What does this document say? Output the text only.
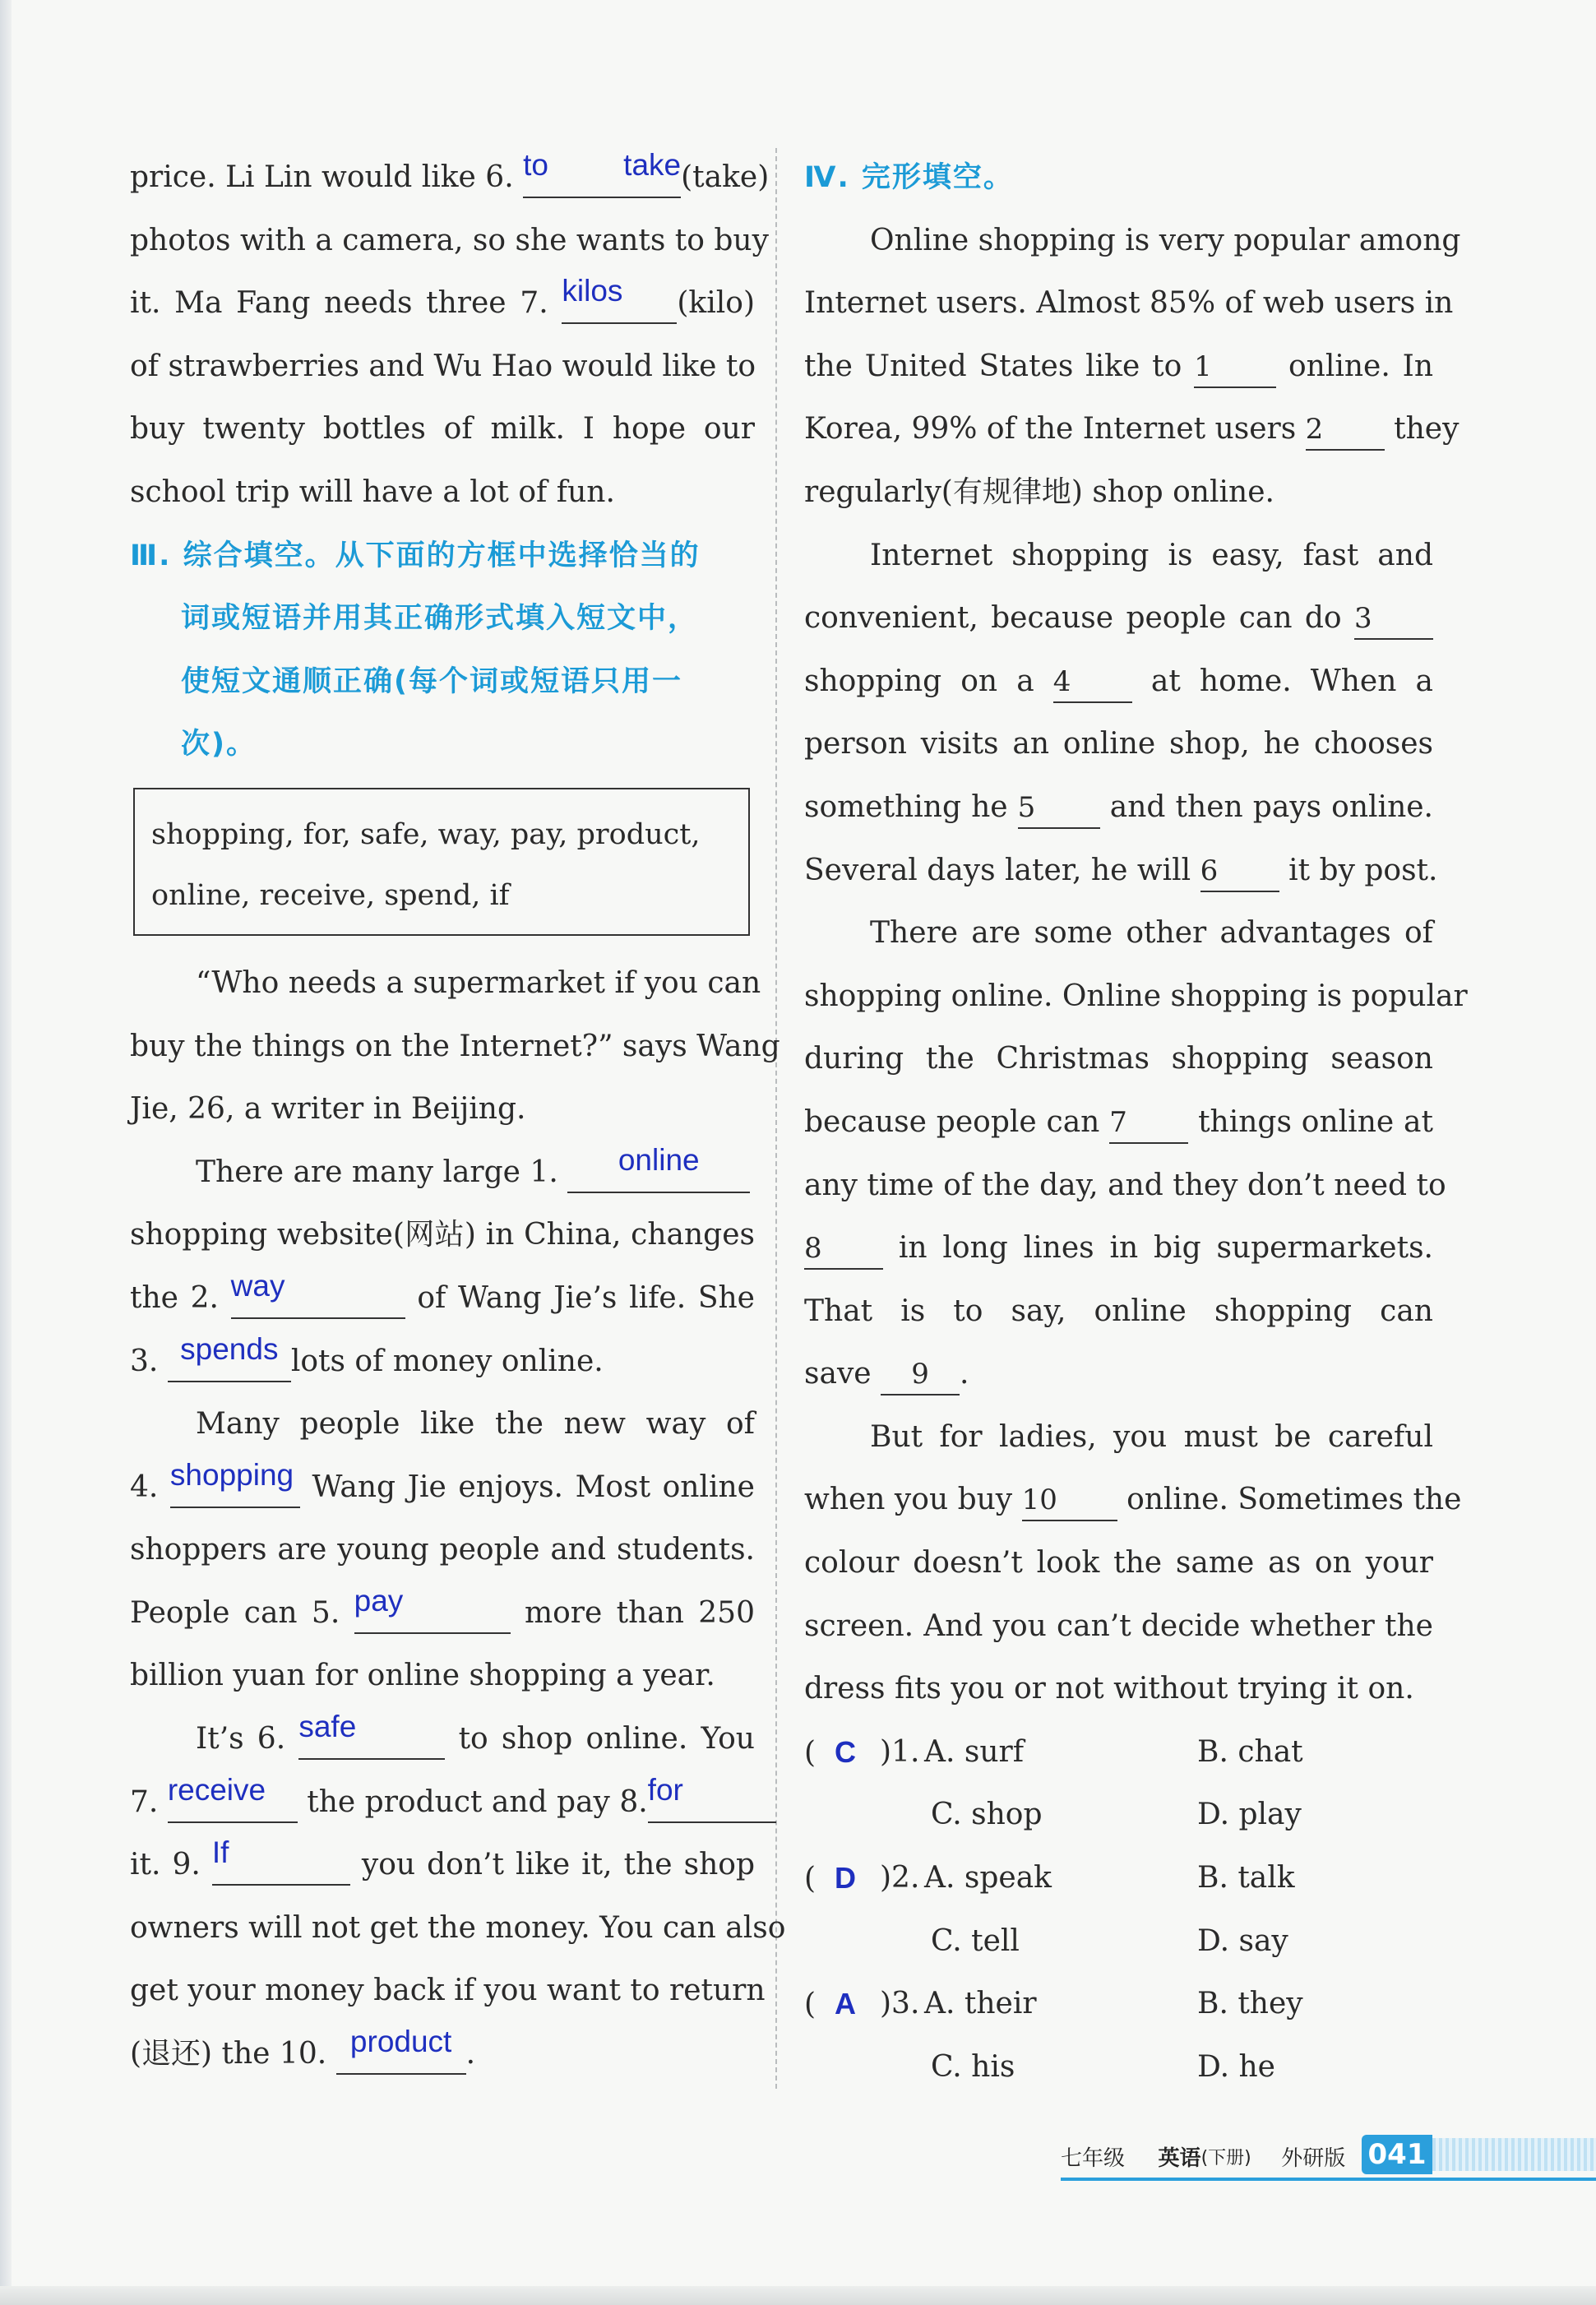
price. Li Lin would like 6. to take(take)
photos with a camera, so she wants to buy
it. Ma Fang needs three 7. kilos (kilo)
of strawberries and Wu Hao would like to
buy twenty bottles of milk. I hope our
school trip will have a lot of fun.
Ⅲ. 综合填空。从下面的方框中选择恰当的
词或短语并用其正确形式填入短文中，
使短文通顺正确(每个词或短语只用一
次)。
shopping, for, safe, way, pay, product,
online, receive, spend, if
“Who needs a supermarket if you can
buy the things on the Internet?” says Wang
Jie, 26, a writer in Beijing.
There are many large 1. online
shopping website(网站) in China, changes
the 2. way	of Wang Jie’s life. She
3. spends lots of money online.
Many people like the new way of
4. shopping Wang Jie enjoys. Most online
shoppers are young people and students.
People can 5. pay	more than 250
billion yuan for online shopping a year.
It’s 6. safe	to shop online. You
7. receive the product and pay 8.for
it. 9. If	you don’t like it, the shop
owners will not get the money. You can also
get your money back if you want to return
(退还) the 10. product .
Ⅳ. 完形填空。
Online shopping is very popular among
Internet users. Almost 85% of web users in
the United States like to 1	online. In
Korea, 99% of the Internet users 2 they
regularly(有规律地) shop online.
Internet shopping is easy, fast and
convenient, because people can do 3
shopping on a 4	at home. When a
person visits an online shop, he chooses
something he 5	and then pays online.
Several days later, he will 6 it by post.
There are some other advantages of
shopping online. Online shopping is popular
during the Christmas shopping season
because people can 7 things online at
any time of the day, and they don’t need to
8	in long lines in big supermarkets.
That is to say, online shopping can
save 9 .
But for ladies, you must be careful
when you buy 10 online. Sometimes the
colour doesn’t look the same as on your
screen. And you can’t decide whether the
dress fits you or not without trying it on.
(  C )1. A. surf	B. chat
C. shop	D. play
(  D )2. A. speak	B. talk
C. tell	D. say
(  A )3. A. their	B. they
C. his	D. he
七年级 英语(下册) 外研版 041
